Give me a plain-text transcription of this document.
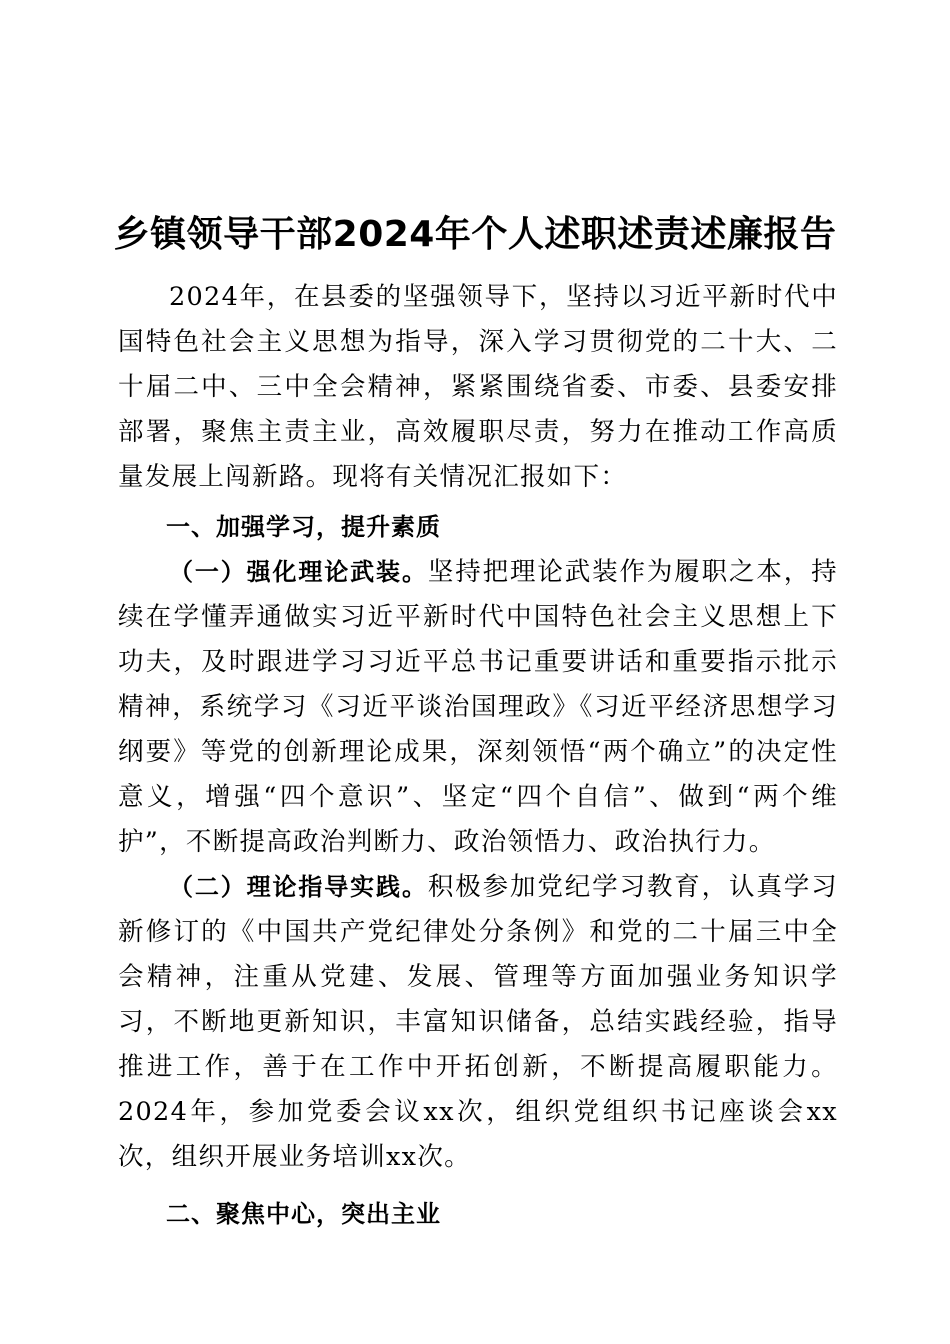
乡镇领导干部2024年个人述职述责述廉报告

2024年，在县委的坚强领导下，坚持以习近平新时代中国特色社会主义思想为指导，深入学习贯彻党的二十大、二十届二中、三中全会精神，紧紧围绕省委、市委、县委安排部署，聚焦主责主业，高效履职尽责，努力在推动工作高质量发展上闯新路。现将有关情况汇报如下：

一、加强学习，提升素质

（一）强化理论武装。坚持把理论武装作为履职之本，持续在学懂弄通做实习近平新时代中国特色社会主义思想上下功夫，及时跟进学习习近平总书记重要讲话和重要指示批示精神，系统学习《习近平谈治国理政》《习近平经济思想学习纲要》等党的创新理论成果，深刻领悟“两个确立”的决定性意义，增强“四个意识”、坚定“四个自信”、做到“两个维护”，不断提高政治判断力、政治领悟力、政治执行力。

（二）理论指导实践。积极参加党纪学习教育，认真学习新修订的《中国共产党纪律处分条例》和党的二十届三中全会精神，注重从党建、发展、管理等方面加强业务知识学习，不断地更新知识，丰富知识储备，总结实践经验，指导推进工作，善于在工作中开拓创新，不断提高履职能力。2024年，参加党委会议xx次，组织党组织书记座谈会xx次，组织开展业务培训xx次。

二、聚焦中心，突出主业
